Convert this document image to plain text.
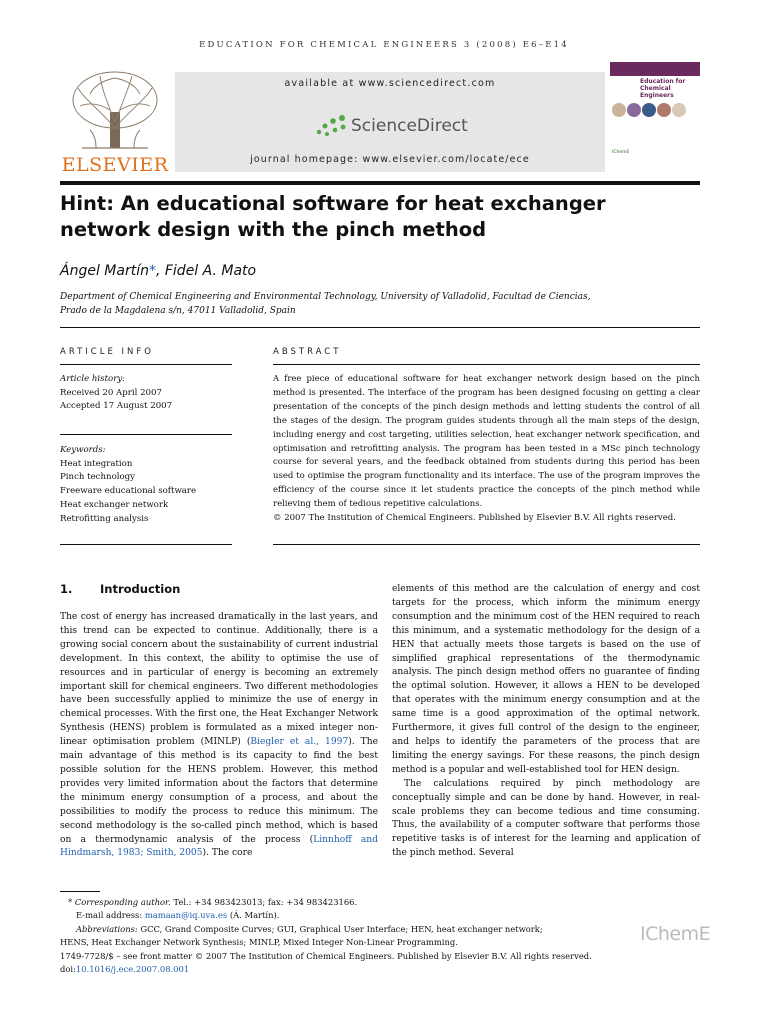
EDUCATION FOR CHEMICAL ENGINEERS 3 (2008) E6–E14
ELSEVIER
available at www.sciencedirect.com
ScienceDirect
journal homepage: www.elsevier.com/locate/ece
Education for Chemical Engineers
IChemE
Hint: An educational software for heat exchanger network design with the pinch method
Ángel Martín*, Fidel A. Mato
Department of Chemical Engineering and Environmental Technology, University of Valladolid, Facultad de Ciencias,
Prado de la Magdalena s/n, 47011 Valladolid, Spain
ARTICLE INFO	ABSTRACT
Article history:
Received 20 April 2007
Accepted 17 August 2007
Keywords:
Heat integration
Pinch technology
Freeware educational software
Heat exchanger network
Retrofitting analysis
A free piece of educational software for heat exchanger network design based on the pinch method is presented. The interface of the program has been designed focusing on getting a clear presentation of the concepts of the pinch design methods and letting students the control of all the stages of the design. The program guides students through all the main steps of the design, including energy and cost targeting, utilities selection, heat exchanger network specification, and optimisation and retrofitting analysis. The program has been tested in a MSc pinch technology course for several years, and the feedback obtained from students during this period has been used to optimise the program functionality and its interface. The use of the program improves the efficiency of the course since it let students practice the concepts of the pinch method while relieving them of tedious repetitive calculations.
© 2007 The Institution of Chemical Engineers. Published by Elsevier B.V. All rights reserved.
1. Introduction

The cost of energy has increased dramatically in the last years, and this trend can be expected to continue. Additionally, there is a growing social concern about the sustainability of current industrial development. In this context, the ability to optimise the use of resources and in particular of energy is becoming an extremely important skill for chemical engineers. Two different methodologies have been successfully applied to minimize the use of energy in chemical processes. With the first one, the Heat Exchanger Network Synthesis (HENS) problem is formulated as a mixed integer non-linear optimisation problem (MINLP) (Biegler et al., 1997). The main advantage of this method is its capacity to find the best possible solution for the HENS problem. However, this method provides very limited information about the factors that determine the minimum energy consumption of a process, and about the possibilities to modify the process to reduce this minimum. The second methodology is the so-called pinch method, which is based on a thermodynamic analysis of the process (Linnhoff and Hindmarsh, 1983; Smith, 2005). The core

elements of this method are the calculation of energy and cost targets for the process, which inform the minimum energy consumption and the minimum cost of the HEN required to reach this minimum, and a systematic methodology for the design of a HEN that actually meets those targets is based on the use of simplified graphical representations of the thermodynamic analysis. The pinch design method offers no guarantee of finding the optimal solution. However, it allows a HEN to be developed that operates with the minimum energy consumption and at the same time is a good approximation of the optimal network. Furthermore, it gives full control of the design to the engineer, and helps to identify the parameters of the process that are limiting the energy savings. For these reasons, the pinch design method is a popular and well-established tool for HEN design.

The calculations required by pinch methodology are conceptually simple and can be done by hand. However, in real-scale problems they can become tedious and time consuming. Thus, the availability of a computer software that performs those repetitive tasks is of interest for the learning and application of the pinch method. Several

* Corresponding author. Tel.: +34 983423013; fax: +34 983423166.
E-mail address: mamaan@iq.uva.es (Á. Martín).
Abbreviations: GCC, Grand Composite Curves; GUI, Graphical User Interface; HEN, heat exchanger network;
HENS, Heat Exchanger Network Synthesis; MINLP, Mixed Integer Non-Linear Programming.
1749-7728/$ – see front matter © 2007 The Institution of Chemical Engineers. Published by Elsevier B.V. All rights reserved.
doi:10.1016/j.ece.2007.08.001
IChemE
